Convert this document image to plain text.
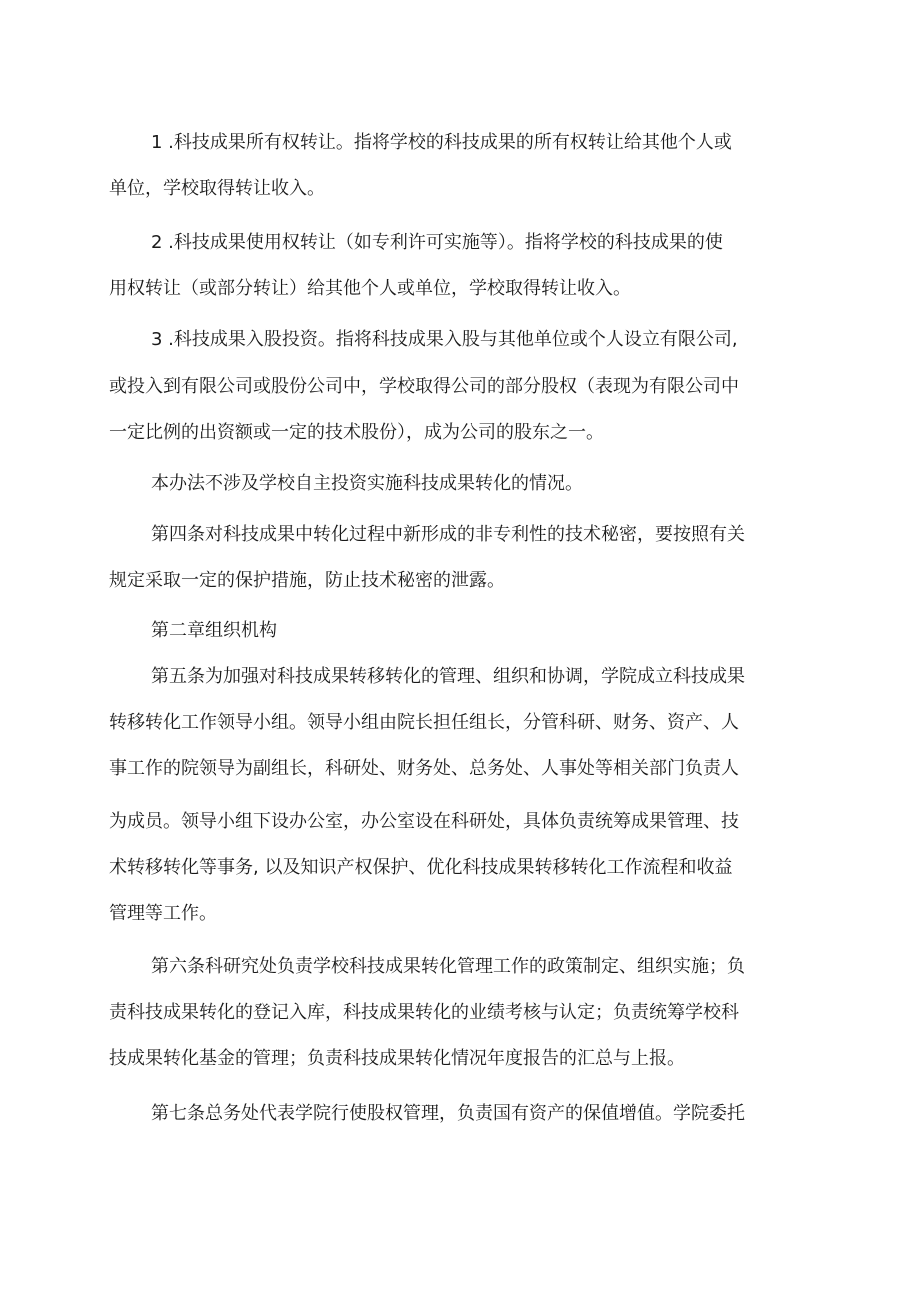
1 .科技成果所有权转让。指将学校的科技成果的所有权转让给其他个人或
单位，学校取得转让收入。
2 .科技成果使用权转让（如专利许可实施等）。指将学校的科技成果的使
用权转让（或部分转让）给其他个人或单位，学校取得转让收入。
3 .科技成果入股投资。指将科技成果入股与其他单位或个人设立有限公司,
或投入到有限公司或股份公司中，学校取得公司的部分股权（表现为有限公司中
一定比例的出资额或一定的技术股份），成为公司的股东之一。
本办法不涉及学校自主投资实施科技成果转化的情况。
第四条对科技成果中转化过程中新形成的非专利性的技术秘密，要按照有关
规定采取一定的保护措施，防止技术秘密的泄露。
第二章组织机构
第五条为加强对科技成果转移转化的管理、组织和协调，学院成立科技成果
转移转化工作领导小组。领导小组由院长担任组长，分管科研、财务、资产、人
事工作的院领导为副组长，科研处、财务处、总务处、人事处等相关部门负责人
为成员。领导小组下设办公室，办公室设在科研处，具体负责统筹成果管理、技
术转移转化等事务, 以及知识产权保护、优化科技成果转移转化工作流程和收益
管理等工作。
第六条科研究处负责学校科技成果转化管理工作的政策制定、组织实施；负
责科技成果转化的登记入库，科技成果转化的业绩考核与认定；负责统筹学校科
技成果转化基金的管理；负责科技成果转化情况年度报告的汇总与上报。
第七条总务处代表学院行使股权管理，负责国有资产的保值增值。学院委托
